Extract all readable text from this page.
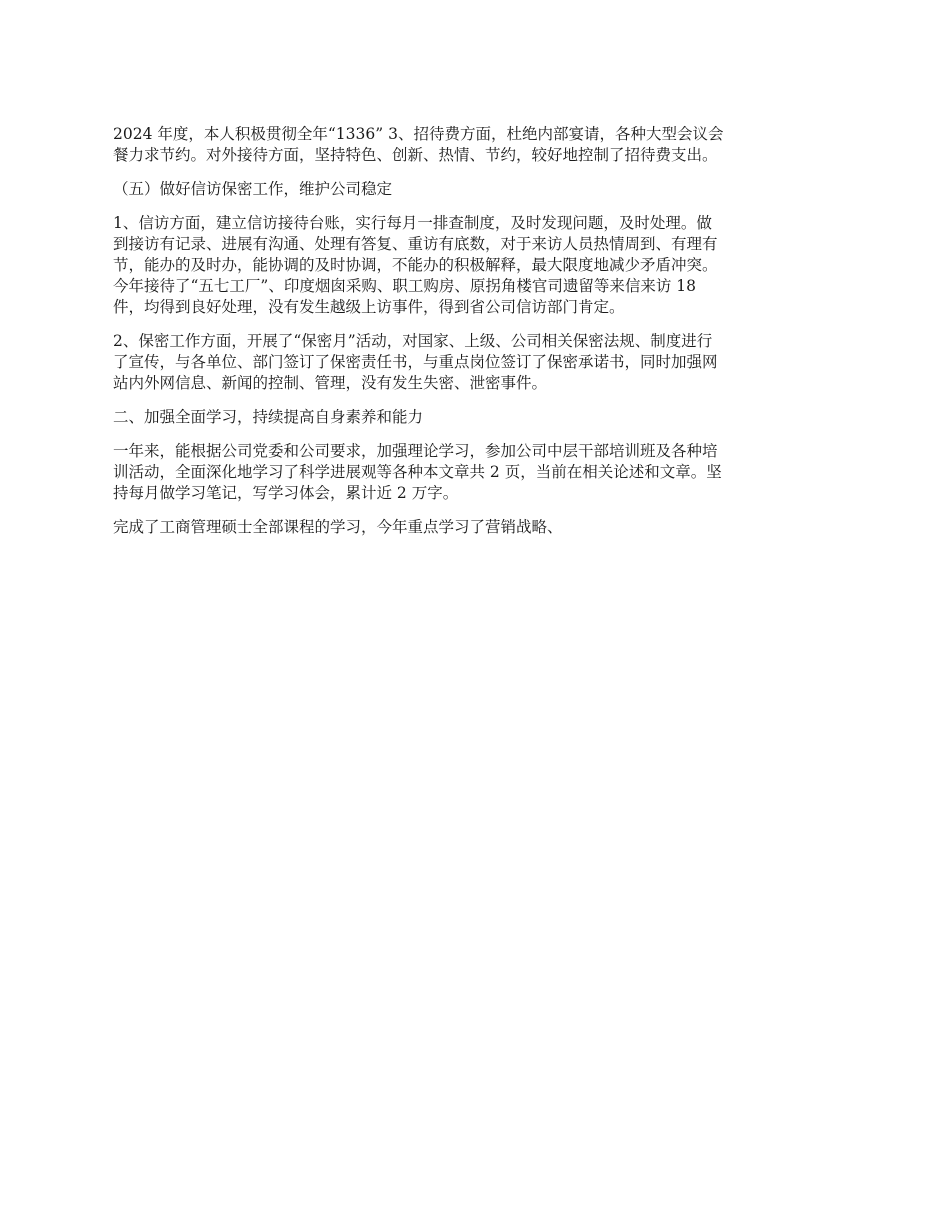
2024 年度，本人积极贯彻全年“1336” 3、招待费方面，杜绝内部宴请，各种大型会议会
餐力求节约。对外接待方面，坚持特色、创新、热情、节约，较好地控制了招待费支出。

（五）做好信访保密工作，维护公司稳定

1、信访方面，建立信访接待台账，实行每月一排查制度，及时发现问题，及时处理。做
到接访有记录、进展有沟通、处理有答复、重访有底数，对于来访人员热情周到、有理有
节，能办的及时办，能协调的及时协调，不能办的积极解释，最大限度地减少矛盾冲突。
今年接待了“五七工厂”、印度烟囱采购、职工购房、原拐角楼官司遗留等来信来访 18
件，均得到良好处理，没有发生越级上访事件，得到省公司信访部门肯定。

2、保密工作方面，开展了“保密月”活动，对国家、上级、公司相关保密法规、制度进行
了宣传，与各单位、部门签订了保密责任书，与重点岗位签订了保密承诺书，同时加强网
站内外网信息、新闻的控制、管理，没有发生失密、泄密事件。

二、加强全面学习，持续提高自身素养和能力

一年来，能根据公司党委和公司要求，加强理论学习，参加公司中层干部培训班及各种培
训活动，全面深化地学习了科学进展观等各种本文章共 2 页，当前在相关论述和文章。坚
持每月做学习笔记，写学习体会，累计近 2 万字。

完成了工商管理硕士全部课程的学习，今年重点学习了营销战略、
